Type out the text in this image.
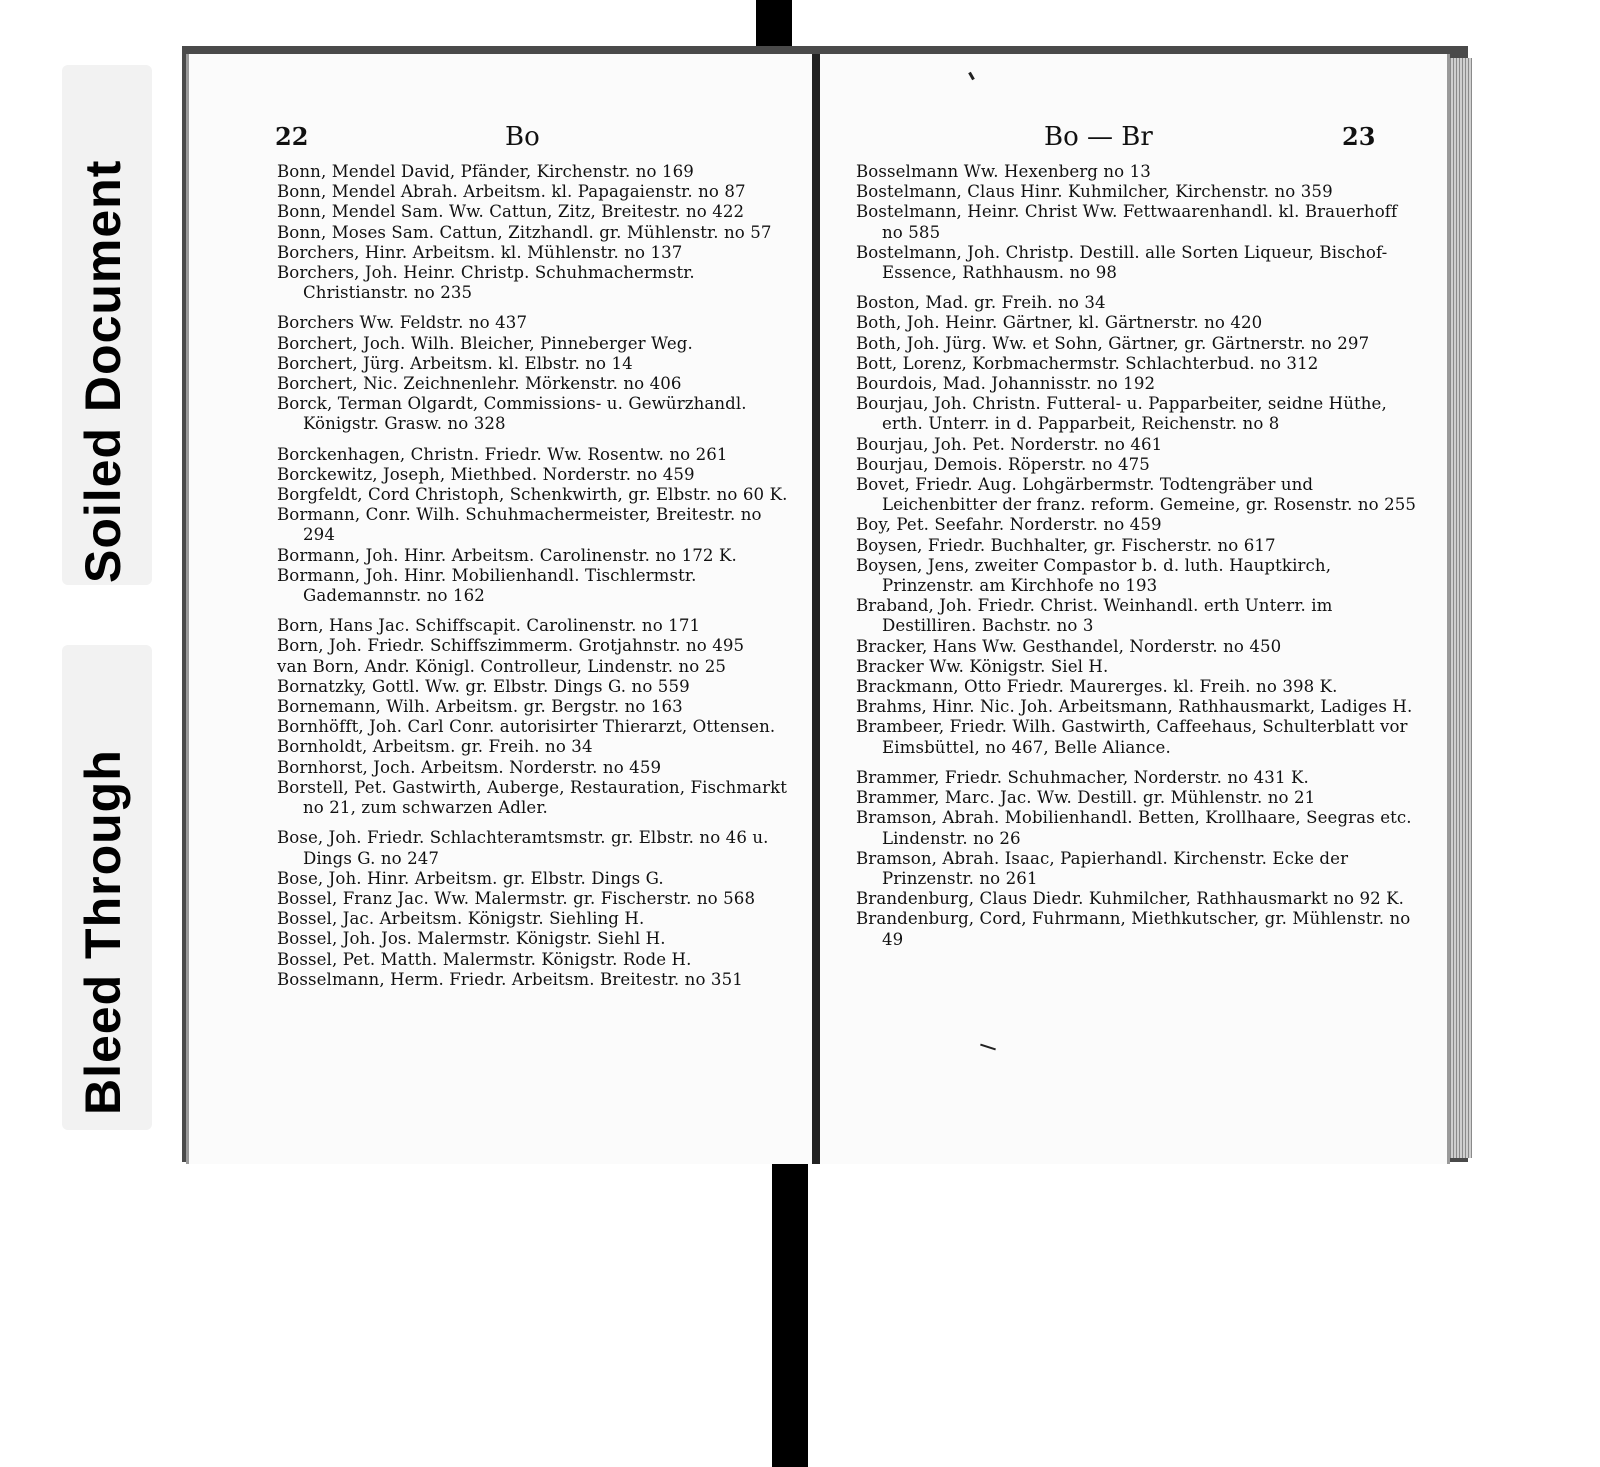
Soiled Document
Bleed Through
22	Bo

Bonn, Mendel David, Pfänder, Kirchenstr. no 169

Bonn, Mendel Abrah. Arbeitsm. kl. Papagaienstr. no 87

Bonn, Mendel Sam. Ww. Cattun, Zitz, Breitestr. no 422

Bonn, Moses Sam. Cattun, Zitzhandl. gr. Mühlenstr. no 57

Borchers, Hinr. Arbeitsm. kl. Mühlenstr. no 137

Borchers, Joh. Heinr. Christp. Schuhmachermstr. Christianstr. no 235

Borchers Ww. Feldstr. no 437

Borchert, Joch. Wilh. Bleicher, Pinneberger Weg.

Borchert, Jürg. Arbeitsm. kl. Elbstr. no 14

Borchert, Nic. Zeichnenlehr. Mörkenstr. no 406

Borck, Terman Olgardt, Commissions- u. Gewürzhandl. Königstr. Grasw. no 328

Borckenhagen, Christn. Friedr. Ww. Rosentw. no 261

Borckewitz, Joseph, Miethbed. Norderstr. no 459

Borgfeldt, Cord Christoph, Schenkwirth, gr. Elbstr. no 60 K.

Bormann, Conr. Wilh. Schuhmachermeister, Breitestr. no 294

Bormann, Joh. Hinr. Arbeitsm. Carolinenstr. no 172 K.

Bormann, Joh. Hinr. Mobilienhandl. Tischlermstr. Gademannstr. no 162

Born, Hans Jac. Schiffscapit. Carolinenstr. no 171

Born, Joh. Friedr. Schiffszimmerm. Grotjahnstr. no 495

van Born, Andr. Königl. Controlleur, Lindenstr. no 25

Bornatzky, Gottl. Ww. gr. Elbstr. Dings G. no 559

Bornemann, Wilh. Arbeitsm. gr. Bergstr. no 163

Bornhöfft, Joh. Carl Conr. autorisirter Thierarzt, Ottensen.

Bornholdt, Arbeitsm. gr. Freih. no 34

Bornhorst, Joch. Arbeitsm. Norderstr. no 459

Borstell, Pet. Gastwirth, Auberge, Restauration, Fischmarkt no 21, zum schwarzen Adler.

Bose, Joh. Friedr. Schlachteramtsmstr. gr. Elbstr. no 46 u. Dings G. no 247

Bose, Joh. Hinr. Arbeitsm. gr. Elbstr. Dings G.

Bossel, Franz Jac. Ww. Malermstr. gr. Fischerstr. no 568

Bossel, Jac. Arbeitsm. Königstr. Siehling H.

Bossel, Joh. Jos. Malermstr. Königstr. Siehl H.

Bossel, Pet. Matth. Malermstr. Königstr. Rode H.

Bosselmann, Herm. Friedr. Arbeitsm. Breitestr. no 351

Bo — Br	23

Bosselmann Ww. Hexenberg no 13

Bostelmann, Claus Hinr. Kuhmilcher, Kirchenstr. no 359

Bostelmann, Heinr. Christ Ww. Fettwaarenhandl. kl. Brauerhoff no 585

Bostelmann, Joh. Christp. Destill. alle Sorten Liqueur, Bischof-Essence, Rathhausm. no 98

Boston, Mad. gr. Freih. no 34

Both, Joh. Heinr. Gärtner, kl. Gärtnerstr. no 420

Both, Joh. Jürg. Ww. et Sohn, Gärtner, gr. Gärtnerstr. no 297

Bott, Lorenz, Korbmachermstr. Schlachterbud. no 312

Bourdois, Mad. Johannisstr. no 192

Bourjau, Joh. Christn. Futteral- u. Papparbeiter, seidne Hüthe, erth. Unterr. in d. Papparbeit, Reichenstr. no 8

Bourjau, Joh. Pet. Norderstr. no 461

Bourjau, Demois. Röperstr. no 475

Bovet, Friedr. Aug. Lohgärbermstr. Todtengräber und Leichenbitter der franz. reform. Gemeine, gr. Rosenstr. no 255

Boy, Pet. Seefahr. Norderstr. no 459

Boysen, Friedr. Buchhalter, gr. Fischerstr. no 617

Boysen, Jens, zweiter Compastor b. d. luth. Hauptkirch, Prinzenstr. am Kirchhofe no 193

Braband, Joh. Friedr. Christ. Weinhandl. erth Unterr. im Destilliren. Bachstr. no 3

Bracker, Hans Ww. Gesthandel, Norderstr. no 450

Bracker Ww. Königstr. Siel H.

Brackmann, Otto Friedr. Maurerges. kl. Freih. no 398 K.

Brahms, Hinr. Nic. Joh. Arbeitsmann, Rathhausmarkt, Ladiges H.

Brambeer, Friedr. Wilh. Gastwirth, Caffeehaus, Schulterblatt vor Eimsbüttel, no 467, Belle Aliance.

Brammer, Friedr. Schuhmacher, Norderstr. no 431 K.

Brammer, Marc. Jac. Ww. Destill. gr. Mühlenstr. no 21

Bramson, Abrah. Mobilienhandl. Betten, Krollhaare, Seegras etc. Lindenstr. no 26

Bramson, Abrah. Isaac, Papierhandl. Kirchenstr. Ecke der Prinzenstr. no 261

Brandenburg, Claus Diedr. Kuhmilcher, Rathhausmarkt no 92 K.

Brandenburg, Cord, Fuhrmann, Miethkutscher, gr. Mühlenstr. no 49
